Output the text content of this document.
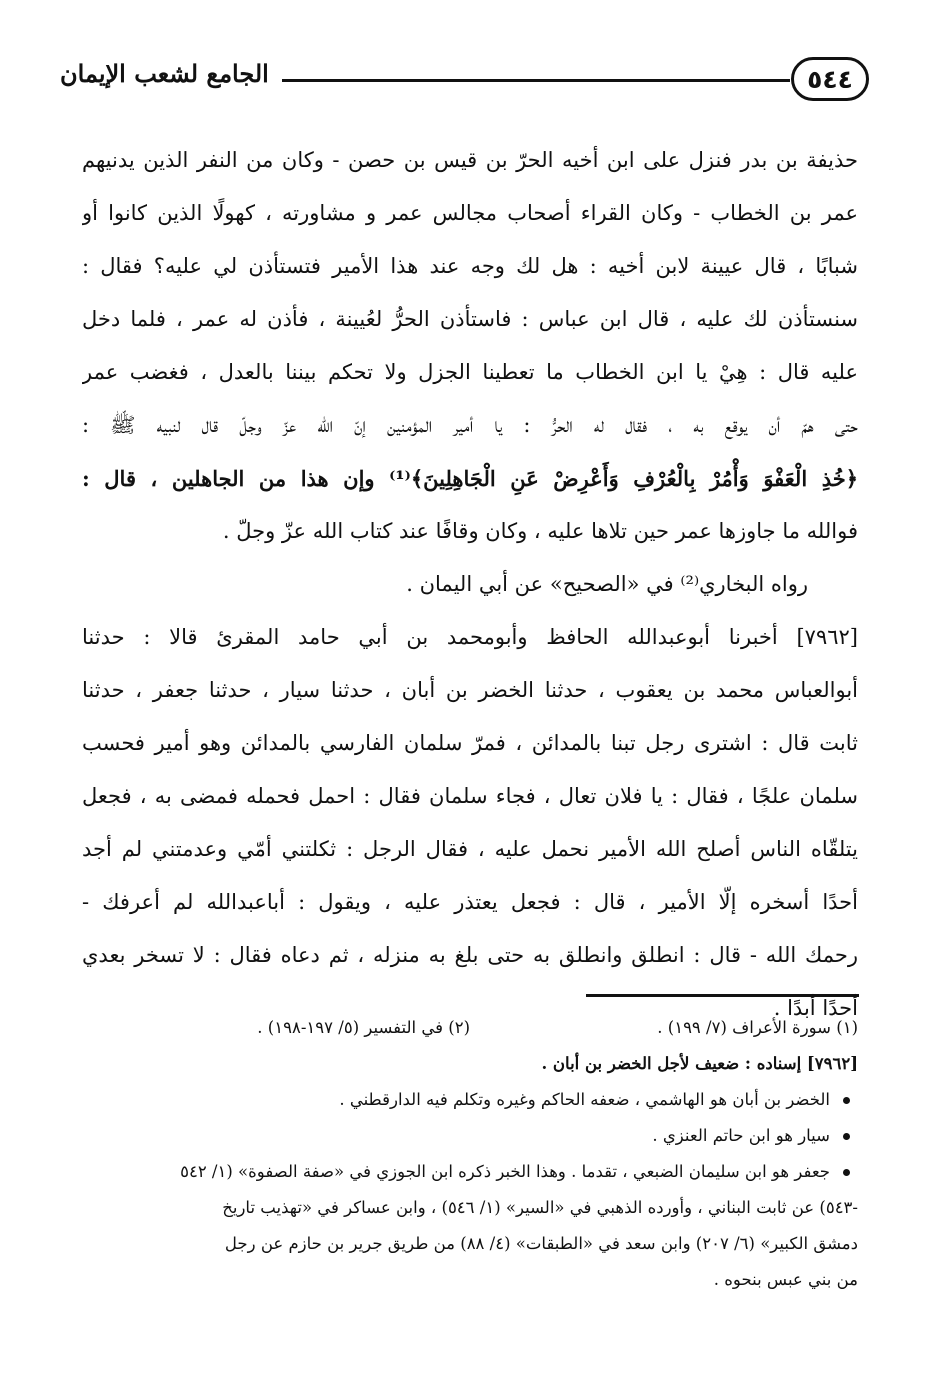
الجامع لشعب الإيمان	٥٤٤
حذيفة بن بدر فنزل على ابن أخيه الحرّ بن قيس بن حصن - وكان من النفر الذين يدنيهم
عمر بن الخطاب - وكان القراء أصحاب مجالس عمر و مشاورته ، كهولًا الذين كانوا أو
شبابًا ، قال عيينة لابن أخيه : هل لك وجه عند هذا الأمير فتستأذن لي عليه؟ فقال :
سنستأذن لك عليه ، قال ابن عباس : فاستأذن الحرُّ لعُيينة ، فأذن له عمر ، فلما دخل
عليه قال : هِيْ يا ابن الخطاب ما تعطينا الجزل ولا تحكم بيننا بالعدل ، فغضب عمر
حتى همّ أن يوقع به ، فقال له الحرُّ : يا أمير المؤمنين إنّ الله عزّ وجلّ قال لنبيه ﷺ :
﴿خُذِ الْعَفْوَ وَأْمُرْ بِالْعُرْفِ وَأَعْرِضْ عَنِ الْجَاهِلِينَ﴾⁽¹⁾ وإن هذا من الجاهلين ، قال :
فوالله ما جاوزها عمر حين تلاها عليه ، وكان وقافًا عند كتاب الله عزّ وجلّ .
رواه البخاري⁽²⁾ في «الصحيح» عن أبي اليمان .
[٧٩٦٢] أخبرنا أبوعبدالله الحافظ وأبومحمد بن أبي حامد المقرئ قالا : حدثنا
أبوالعباس محمد بن يعقوب ، حدثنا الخضر بن أبان ، حدثنا سيار ، حدثنا جعفر ، حدثنا
ثابت قال : اشترى رجل تبنا بالمدائن ، فمرّ سلمان الفارسي بالمدائن وهو أمير فحسب
سلمان علجًا ، فقال : يا فلان تعال ، فجاء سلمان فقال : احمل فحمله فمضى به ، فجعل
يتلقّاه الناس أصلح الله الأمير نحمل عليه ، فقال الرجل : ثكلتني أمّي وعدمتني لم أجد
أحدًا أسخره إلّا الأمير ، قال : فجعل يعتذر عليه ، ويقول : أباعبدالله لم أعرفك -
رحمك الله - قال : انطلق وانطلق به حتى بلغ به منزله ، ثم دعاه فقال : لا تسخر بعدي
أحدًا أبدًا .
(١) سورة الأعراف (٧/ ١٩٩) .
(٢) في التفسير (٥/ ١٩٧-١٩٨) .
[٧٩٦٢] إسناده : ضعيف لأجل الخضر بن أبان .
الخضر بن أبان هو الهاشمي ، ضعفه الحاكم وغيره وتكلم فيه الدارقطني .
سيار هو ابن حاتم العنزي .
جعفر هو ابن سليمان الضبعي ، تقدما . وهذا الخبر ذكره ابن الجوزي في «صفة الصفوة» (١/ ٥٤٢
-٥٤٣) عن ثابت البناني ، وأورده الذهبي في «السير» (١/ ٥٤٦) ، وابن عساكر في «تهذيب تاريخ
دمشق الكبير» (٦/ ٢٠٧) وابن سعد في «الطبقات» (٤/ ٨٨) من طريق جرير بن حازم عن رجل
من بني عبس بنحوه .
